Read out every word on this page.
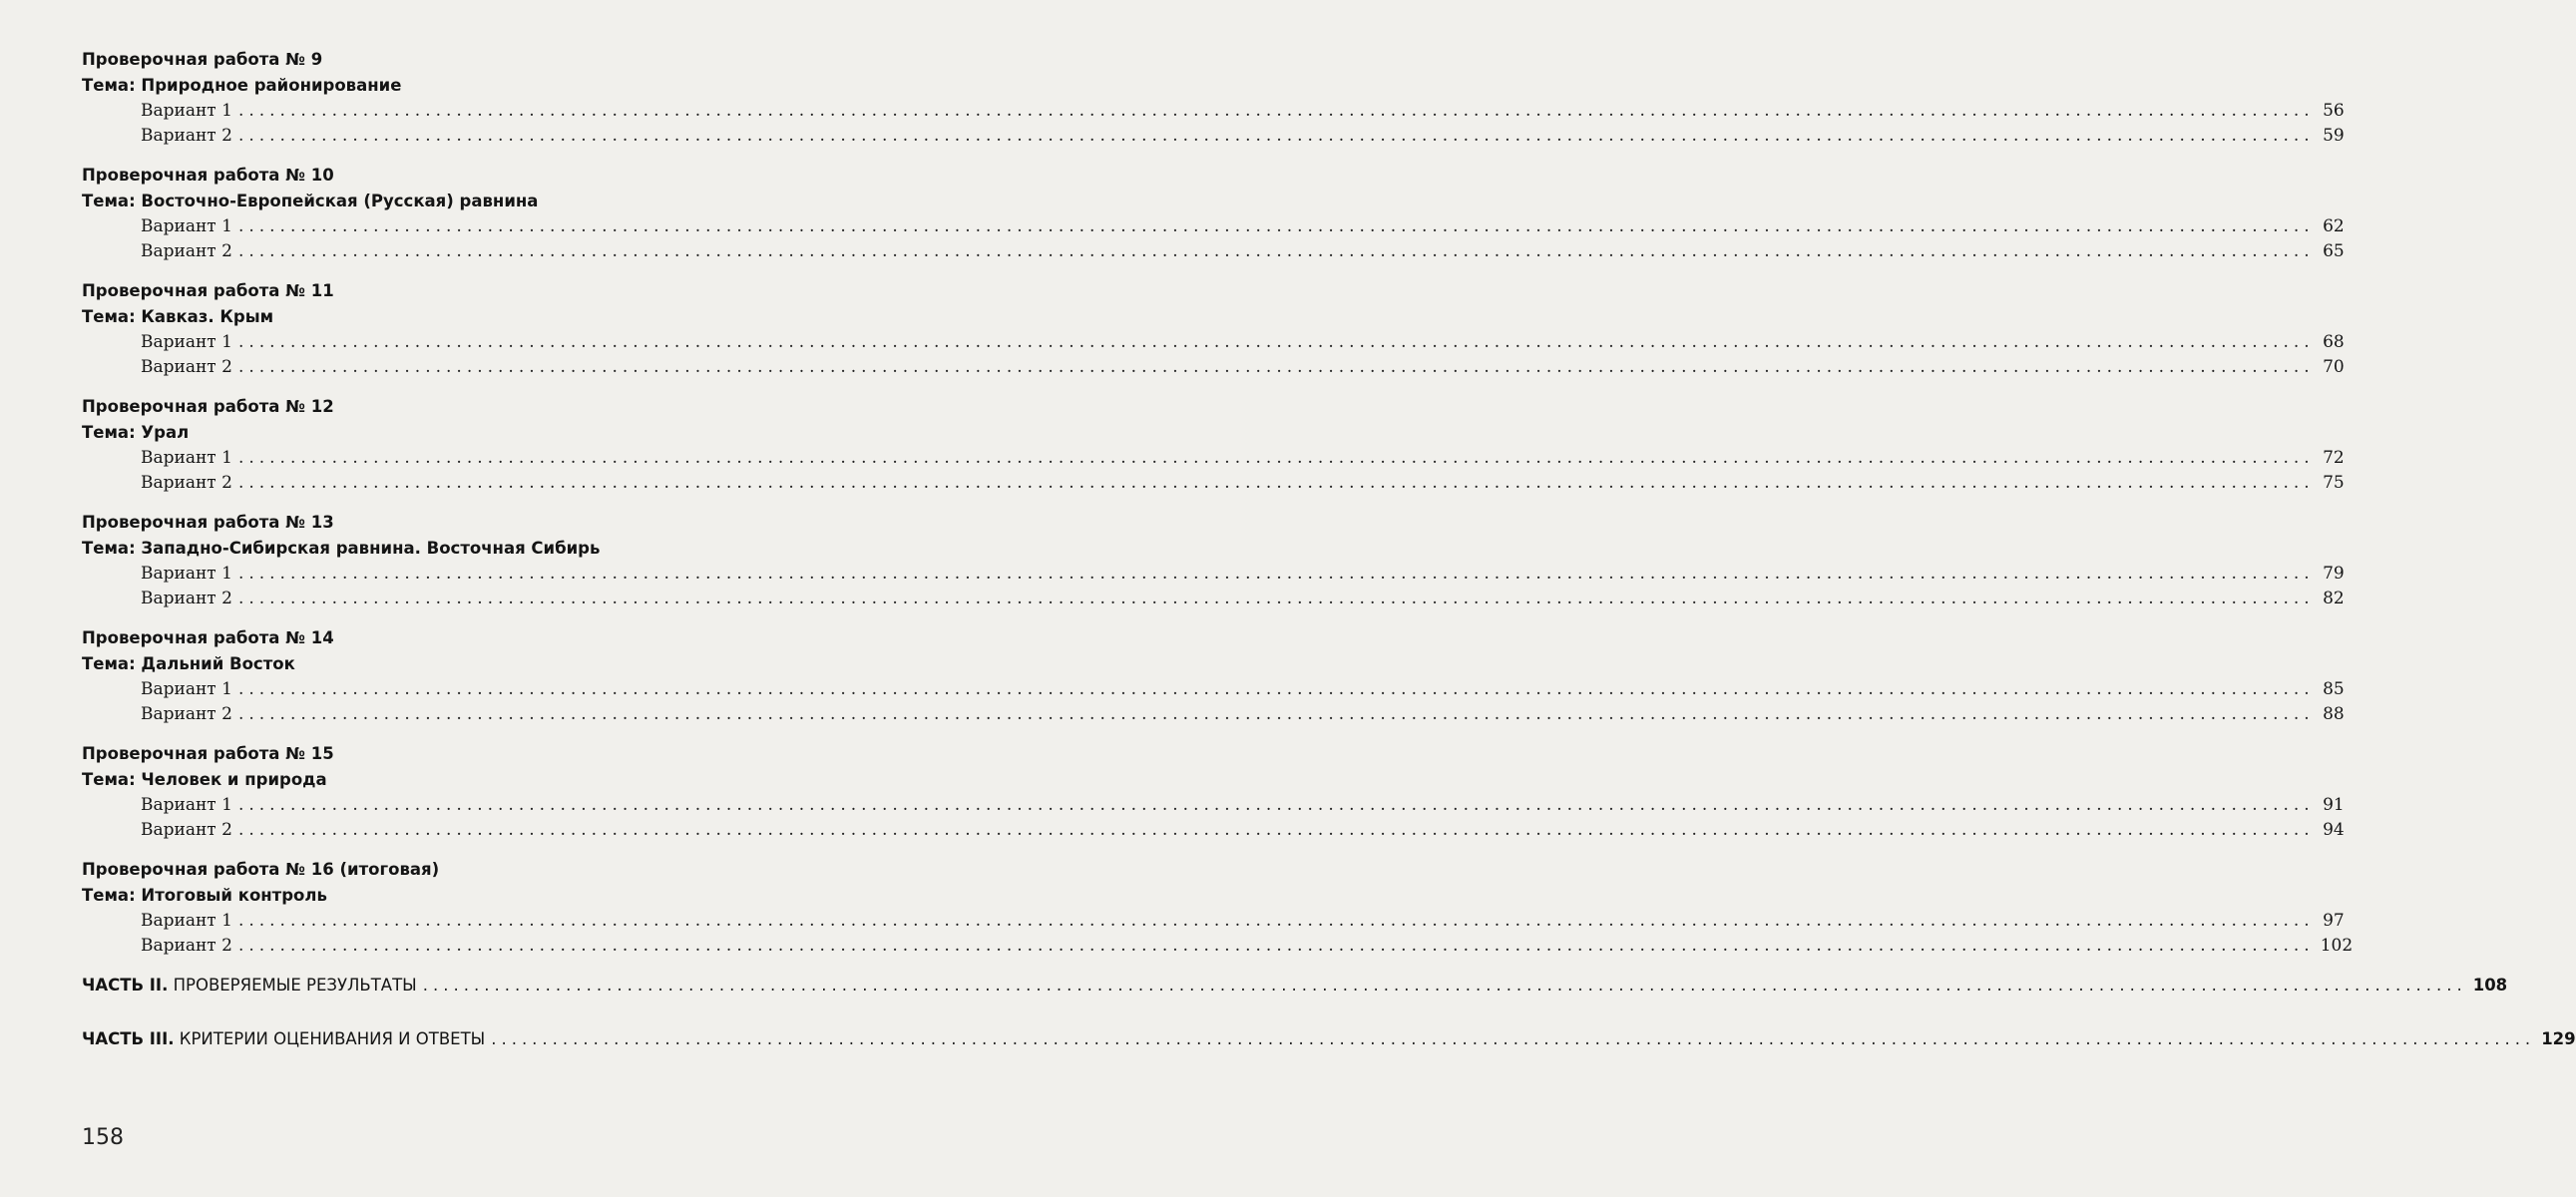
Проверочная работа № 9
Тема: Природное районирование
Вариант 1 ........................................................................................................................................................................................................ 56
Вариант 2 ........................................................................................................................................................................................................ 59
Проверочная работа № 10
Тема: Восточно-Европейская (Русская) равнина
Вариант 1 ........................................................................................................................................................................................................ 62
Вариант 2 ........................................................................................................................................................................................................ 65
Проверочная работа № 11
Тема: Кавказ. Крым
Вариант 1 ........................................................................................................................................................................................................ 68
Вариант 2 ........................................................................................................................................................................................................ 70
Проверочная работа № 12
Тема: Урал
Вариант 1 ........................................................................................................................................................................................................ 72
Вариант 2 ........................................................................................................................................................................................................ 75
Проверочная работа № 13
Тема: Западно-Сибирская равнина. Восточная Сибирь
Вариант 1 ........................................................................................................................................................................................................ 79
Вариант 2 ........................................................................................................................................................................................................ 82
Проверочная работа № 14
Тема: Дальний Восток
Вариант 1 ........................................................................................................................................................................................................ 85
Вариант 2 ........................................................................................................................................................................................................ 88
Проверочная работа № 15
Тема: Человек и природа
Вариант 1 ........................................................................................................................................................................................................ 91
Вариант 2 ........................................................................................................................................................................................................ 94
Проверочная работа № 16 (итоговая)
Тема: Итоговый контроль
Вариант 1 ........................................................................................................................................................................................................ 97
Вариант 2 ........................................................................................................................................................................................................ 102
ЧАСТЬ II. ПРОВЕРЯЕМЫЕ РЕЗУЛЬТАТЫ ........................................................................................................................................................................................................ 108
ЧАСТЬ III. КРИТЕРИИ ОЦЕНИВАНИЯ И ОТВЕТЫ ........................................................................................................................................................................................................ 129
158
